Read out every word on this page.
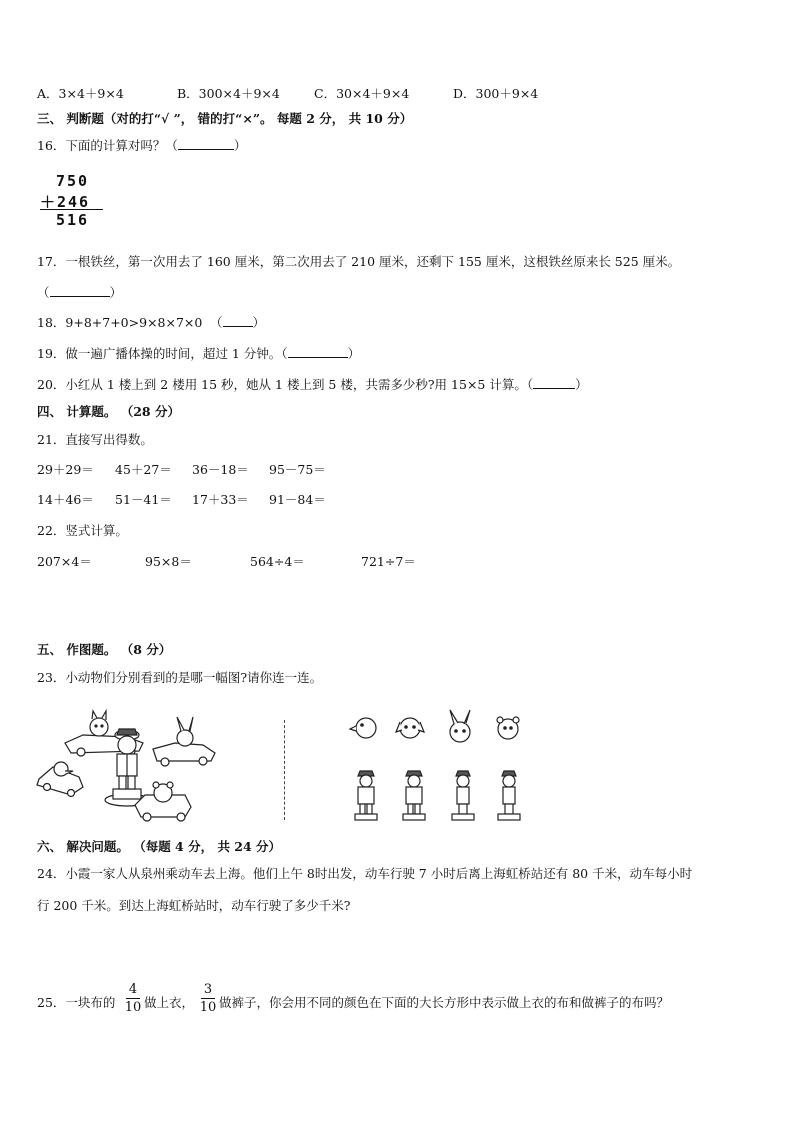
A．3×4＋9×4	B．300×4＋9×4	C．30×4＋9×4	D．300＋9×4
三、 判断题（对的打“√ ”， 错的打“×”。 每题 2 分， 共 10 分）
16．下面的计算对吗？（	）
750
＋246
516
17．一根铁丝，第一次用去了 160 厘米，第二次用去了 210 厘米，还剩下 155 厘米，这根铁丝原来长 525 厘米。
（	）
18．9+8+7+0>9×8×7×0 （ ）
19．做一遍广播体操的时间，超过 1 分钟。（	）
20．小红从 1 楼上到 2 楼用 15 秒，她从 1 楼上到 5 楼，共需多少秒?用 15×5 计算。（	）
四、 计算题。 （28 分）
21．直接写出得数。
29＋29＝ 45＋27＝ 36－18＝ 95－75＝
14＋46＝ 51－41＝ 17＋33＝ 91－84＝
22．竖式计算。
207×4＝	95×8＝	564÷4＝	721÷7＝
五、 作图题。 （8 分）
23．小动物们分别看到的是哪一幅图?请你连一连。
六、 解决问题。 （每题 4 分， 共 24 分）
24．小霞一家人从泉州乘动车去上海。他们上午 8时出发，动车行驶 7 小时后离上海虹桥站还有 80 千米，动车每小时
行 200 千米。到达上海虹桥站时，动车行驶了多少千米?
25．一块布的
4
10 做上衣，
3
10 做裤子，你会用不同的颜色在下面的大长方形中表示做上衣的布和做裤子的布吗？
